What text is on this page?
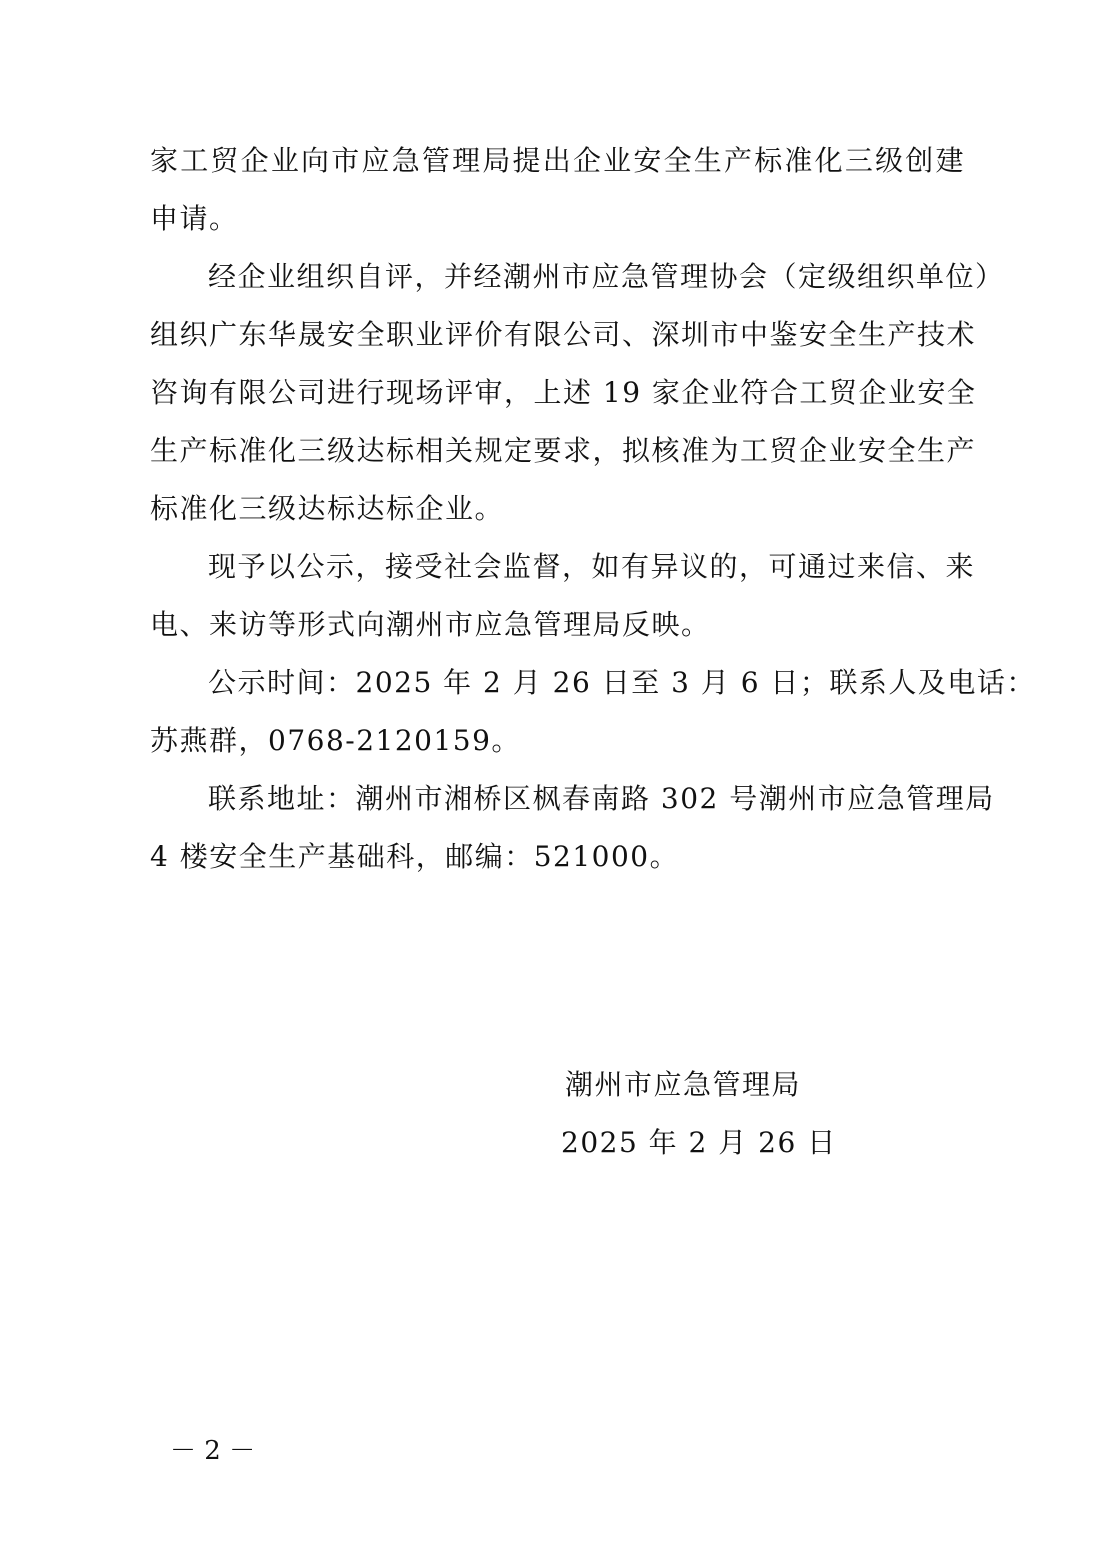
家工贸企业向市应急管理局提出企业安全生产标准化三级创建
申请。
经企业组织自评，并经潮州市应急管理协会（定级组织单位）
组织广东华晟安全职业评价有限公司、深圳市中鉴安全生产技术
咨询有限公司进行现场评审，上述 19 家企业符合工贸企业安全
生产标准化三级达标相关规定要求，拟核准为工贸企业安全生产
标准化三级达标达标企业。
现予以公示，接受社会监督，如有异议的，可通过来信、来
电、来访等形式向潮州市应急管理局反映。
公示时间：2025 年 2 月 26 日至 3 月 6 日；联系人及电话：
苏燕群，0768-2120159。
联系地址：潮州市湘桥区枫春南路 302 号潮州市应急管理局
4 楼安全生产基础科，邮编：521000。
潮州市应急管理局
2025 年 2 月 26 日
－ 2 －
